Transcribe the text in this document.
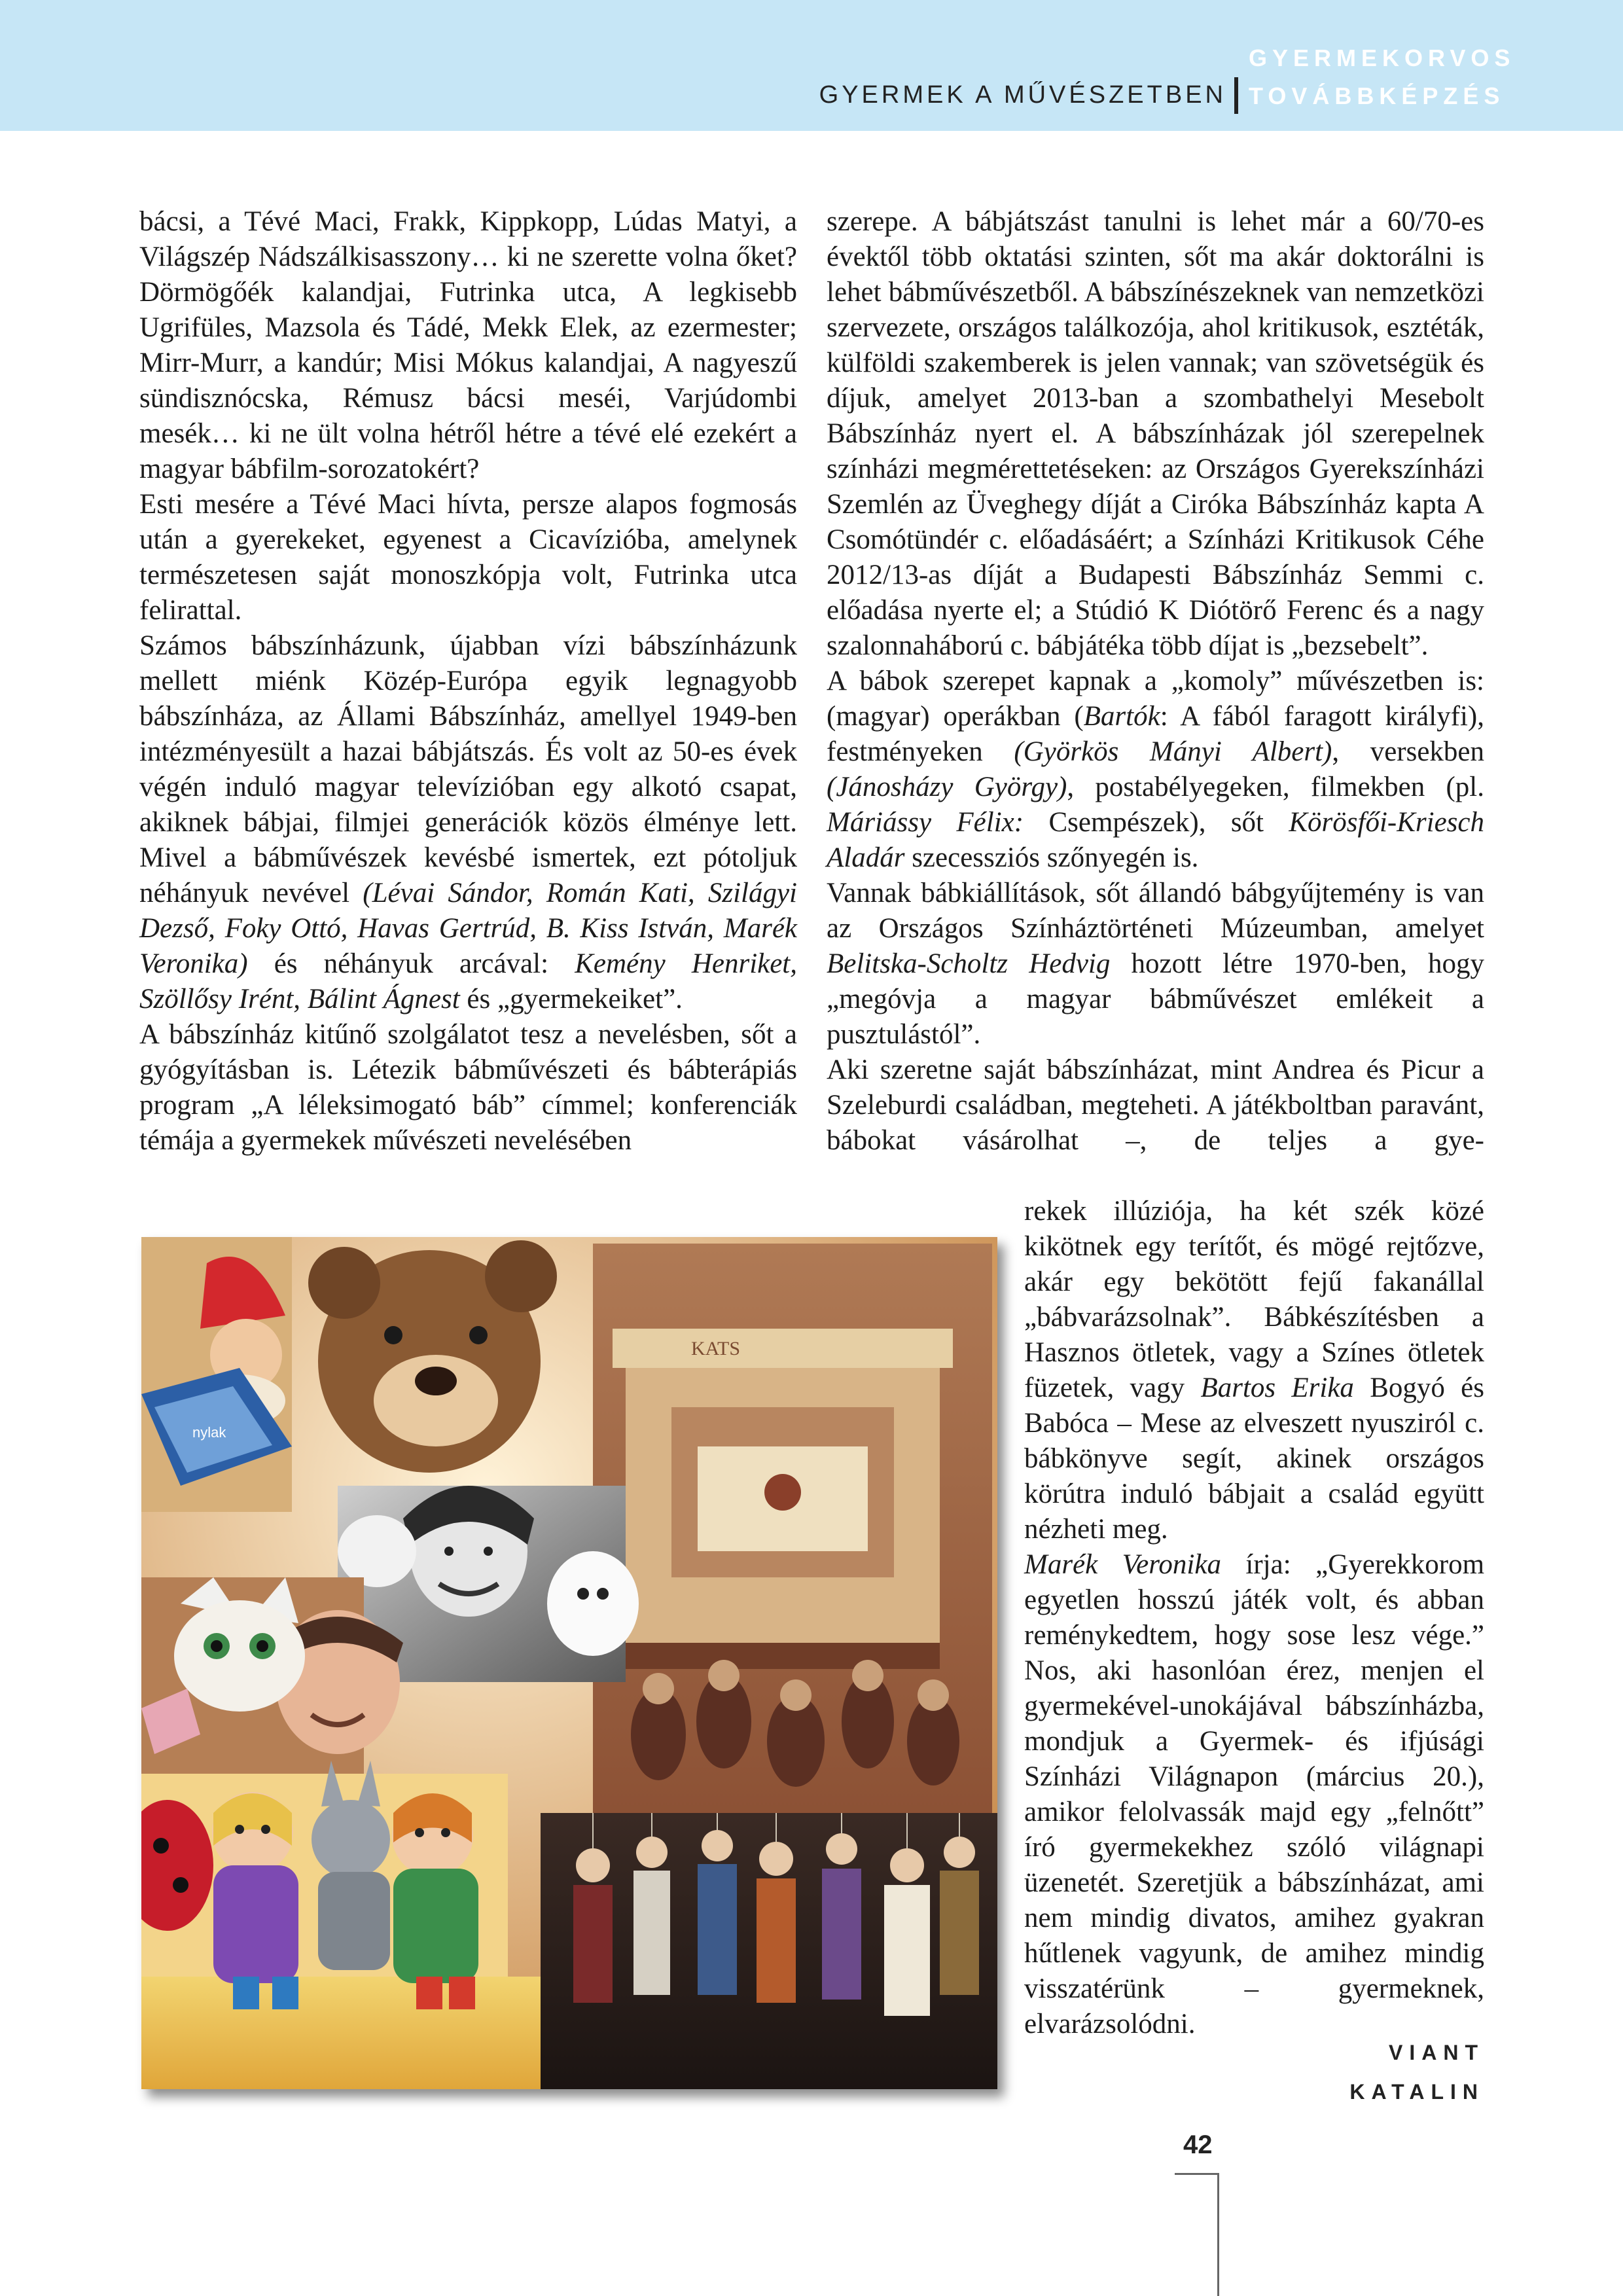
GYERMEK A MŰVÉSZETBEN
GYERMEKORVOS
TOVÁBBKÉPZÉS

bácsi, a Tévé Maci, Frakk, Kippkopp, Lúdas Matyi, a Világszép Nádszálkisasszony… ki ne szerette volna őket? Dörmögőék kalandjai, Futrinka utca, A legkisebb Ugrifüles, Mazsola és Tádé, Mekk Elek, az ezermester; Mirr-Murr, a kandúr; Misi Mókus kalandjai, A nagyeszű sündisznócska, Rémusz bácsi meséi, Varjúdombi mesék… ki ne ült volna hétről hétre a tévé elé ezekért a magyar bábfilm-sorozatokért?

Esti mesére a Tévé Maci hívta, persze alapos fogmosás után a gyerekeket, egyenest a Cicavízióba, amelynek természetesen saját monoszkópja volt, Futrinka utca felirattal.

Számos bábszínházunk, újabban vízi bábszínházunk mellett miénk Közép-Európa egyik legnagyobb bábszínháza, az Állami Bábszínház, amellyel 1949-ben intézményesült a hazai bábjátszás. És volt az 50-es évek végén induló magyar televízióban egy alkotó csapat, akiknek bábjai, filmjei generációk közös élménye lett. Mivel a bábművészek kevésbé ismertek, ezt pótoljuk néhányuk nevével (Lévai Sándor, Román Kati, Szilágyi Dezső, Foky Ottó, Havas Gertrúd, B. Kiss István, Marék Veronika) és néhányuk arcával: Kemény Henriket, Szöllősy Irént, Bálint Ágnest és „gyermekeiket”.

A bábszínház kitűnő szolgálatot tesz a nevelésben, sőt a gyógyításban is. Létezik bábművészeti és bábterápiás program „A léleksimogató báb” címmel; konferenciák témája a gyermekek művészeti nevelésében

szerepe. A bábjátszást tanulni is lehet már a 60/70-es évektől több oktatási szinten, sőt ma akár doktorálni is lehet bábművészetből. A bábszínészeknek van nemzetközi szervezete, országos találkozója, ahol kritikusok, esztéták, külföldi szakemberek is jelen vannak; van szövetségük és díjuk, amelyet 2013-ban a szombathelyi Mesebolt Bábszínház nyert el. A bábszínházak jól szerepelnek színházi megmérettetéseken: az Országos Gyerekszínházi Szemlén az Üveghegy díját a Ciróka Bábszínház kapta A Csomótündér c. előadásáért; a Színházi Kritikusok Céhe 2012/13-as díját a Budapesti Bábszínház Semmi c. előadása nyerte el; a Stúdió K Diótörő Ferenc és a nagy szalonnaháború c. bábjátéka több díjat is „bezsebelt”.

A bábok szerepet kapnak a „komoly” művészetben is: (magyar) operákban (Bartók: A fából faragott királyfi), festményeken (Györkös Mányi Albert), versekben (Jánosházy György), postabélyegeken, filmekben (pl. Máriássy Félix: Csempészek), sőt Körösfői-Kriesch Aladár szecessziós szőnyegén is.

Vannak bábkiállítások, sőt állandó bábgyűjtemény is van az Országos Színháztörténeti Múzeumban, amelyet Belitska-Scholtz Hedvig hozott létre 1970-ben, hogy „megóvja a magyar bábművészet emlékeit a pusztulástól”.

Aki szeretne saját bábszínházat, mint Andrea és Picur a Szeleburdi családban, megteheti. A játékboltban paravánt, bábokat vásárolhat –, de teljes a gye-

rekek illúziója, ha két szék közé kikötnek egy terítőt, és mögé rejtőzve, akár egy bekötött fejű fakanállal „bábvarázsolnak”. Bábkészítésben a Hasznos ötletek, vagy a Színes ötletek füzetek, vagy Bartos Erika Bogyó és Babóca – Mese az elveszett nyusziról c. bábkönyve segít, akinek országos körútra induló bábjait a család együtt nézheti meg.

Marék Veronika írja: „Gyerekkorom egyetlen hosszú játék volt, és abban reménykedtem, hogy sose lesz vége.” Nos, aki hasonlóan érez, menjen el gyermekével-unokájával bábszínházba, mondjuk a Gyermek- és ifjúsági Színházi Világnapon (március 20.), amikor felolvassák majd egy „felnőtt” író gyermekekhez szóló világnapi üzenetét. Szeretjük a bábszínházat, ami nem mindig divatos, amihez gyakran hűtlenek vagyunk, de amihez mindig visszatérünk – gyermeknek, elvarázsolódni.

VIANT
KATALIN
42
KATS
nylak
